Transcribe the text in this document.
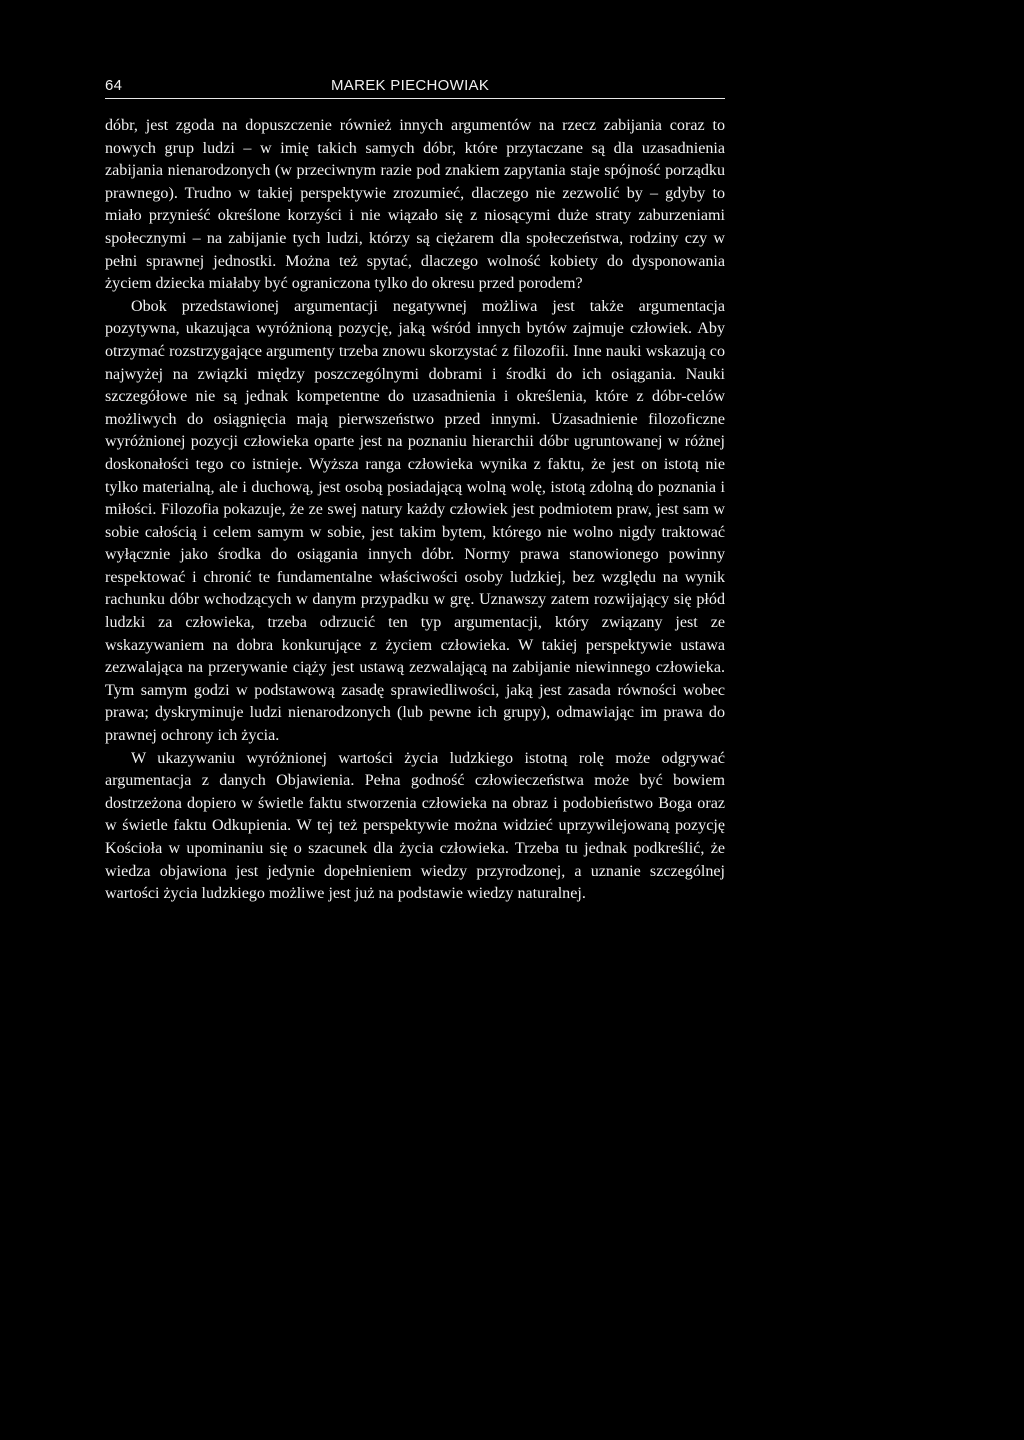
64	MAREK PIECHOWIAK

dóbr, jest zgoda na dopuszczenie również innych argumentów na rzecz zabijania coraz to nowych grup ludzi – w imię takich samych dóbr, które przytaczane są dla uzasadnienia zabijania nienarodzonych (w przeciwnym razie pod znakiem zapytania staje spójność porządku prawnego). Trudno w takiej perspektywie zrozumieć, dlaczego nie zezwolić by – gdyby to miało przynieść określone korzyści i nie wiązało się z niosącymi duże straty zaburzeniami społecznymi – na zabijanie tych ludzi, którzy są ciężarem dla społeczeństwa, rodziny czy w pełni sprawnej jednostki. Można też spytać, dlaczego wolność kobiety do dysponowania życiem dziecka miałaby być ograniczona tylko do okresu przed porodem?

Obok przedstawionej argumentacji negatywnej możliwa jest także argumentacja pozytywna, ukazująca wyróżnioną pozycję, jaką wśród innych bytów zajmuje człowiek. Aby otrzymać rozstrzygające argumenty trzeba znowu skorzystać z filozofii. Inne nauki wskazują co najwyżej na związki między poszczególnymi dobrami i środki do ich osiągania. Nauki szczegółowe nie są jednak kompetentne do uzasadnienia i określenia, które z dóbr-celów możliwych do osiągnięcia mają pierwszeństwo przed innymi. Uzasadnienie filozoficzne wyróżnionej pozycji człowieka oparte jest na poznaniu hierarchii dóbr ugruntowanej w różnej doskonałości tego co istnieje. Wyższa ranga człowieka wynika z faktu, że jest on istotą nie tylko materialną, ale i duchową, jest osobą posiadającą wolną wolę, istotą zdolną do poznania i miłości. Filozofia pokazuje, że ze swej natury każdy człowiek jest podmiotem praw, jest sam w sobie całością i celem samym w sobie, jest takim bytem, którego nie wolno nigdy traktować wyłącznie jako środka do osiągania innych dóbr. Normy prawa stanowionego powinny respektować i chronić te fundamentalne właściwości osoby ludzkiej, bez względu na wynik rachunku dóbr wchodzących w danym przypadku w grę. Uznawszy zatem rozwijający się płód ludzki za człowieka, trzeba odrzucić ten typ argumentacji, który związany jest ze wskazywaniem na dobra konkurujące z życiem człowieka. W takiej perspektywie ustawa zezwalająca na przerywanie ciąży jest ustawą zezwalającą na zabijanie niewinnego człowieka. Tym samym godzi w podstawową zasadę sprawiedliwości, jaką jest zasada równości wobec prawa; dyskryminuje ludzi nienarodzonych (lub pewne ich grupy), odmawiając im prawa do prawnej ochrony ich życia.

W ukazywaniu wyróżnionej wartości życia ludzkiego istotną rolę może odgrywać argumentacja z danych Objawienia. Pełna godność człowieczeństwa może być bowiem dostrzeżona dopiero w świetle faktu stworzenia człowieka na obraz i podobieństwo Boga oraz w świetle faktu Odkupienia. W tej też perspektywie można widzieć uprzywilejowaną pozycję Kościoła w upominaniu się o szacunek dla życia człowieka. Trzeba tu jednak podkreślić, że wiedza objawiona jest jedynie dopełnieniem wiedzy przyrodzonej, a uznanie szczególnej wartości życia ludzkiego możliwe jest już na podstawie wiedzy naturalnej.
